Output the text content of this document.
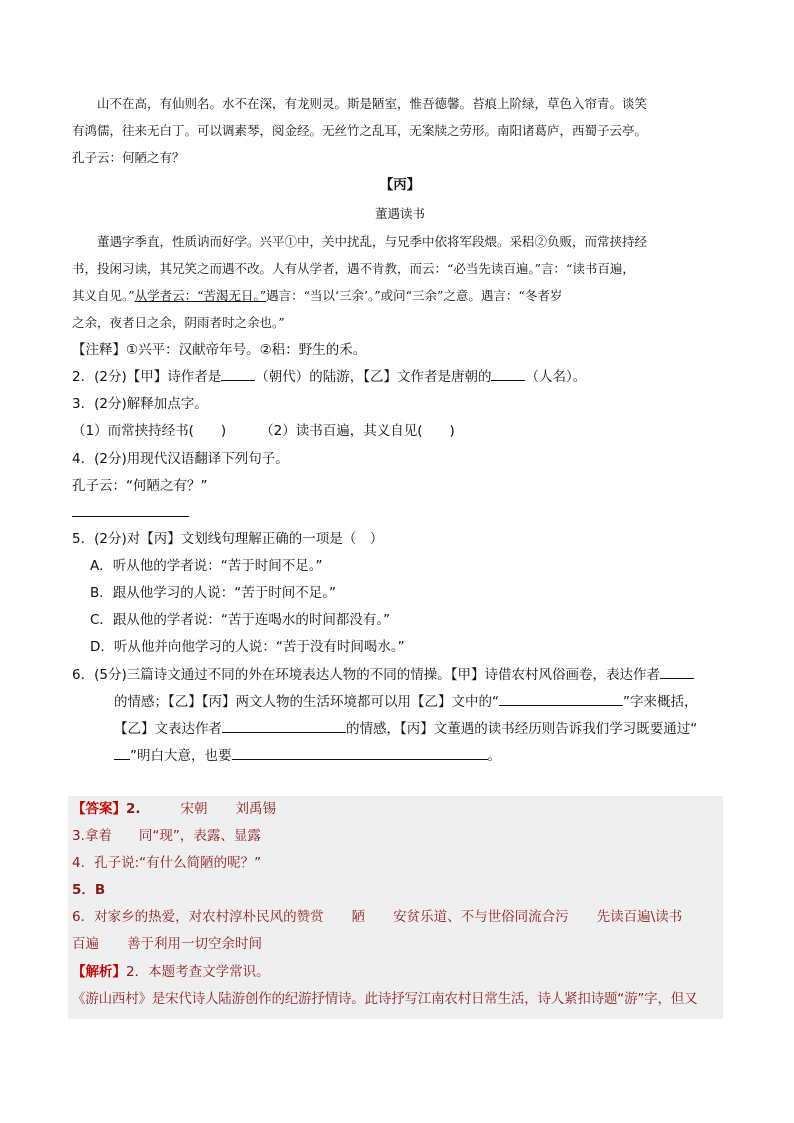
山不在高，有仙则名。水不在深，有龙则灵。斯是陋室，惟吾德馨。苔痕上阶绿，草色入帘青。谈笑

有鸿儒，往来无白丁。可以调素琴，阅金经。无丝竹之乱耳，无案牍之劳形。南阳诸葛庐，西蜀子云亭。

孔子云：何陋之有？

【丙】

董遇读书

董遇字季直，性质讷而好学。兴平①中，关中扰乱，与兄季中依将军段煨。采稆②负贩，而常挟持经

书，投闲习读，其兄笑之而遇不改。人有从学者，遇不肯教，而云：“必当先读百遍。”言：“读书百遍，

其义自见。”从学者云：“苦渴无日。”遇言：“当以‘三余’。”或问“三余”之意。遇言：“冬者岁

之余，夜者日之余，阴雨者时之余也。”

【注释】①兴平：汉献帝年号。②稆：野生的禾。

2．(2分)【甲】诗作者是	（朝代）的陆游，【乙】文作者是唐朝的	（人名）。

3．(2分)解释加点字。

（1）而常挟持经书(　　)	（2）读书百遍，其义自见(　　)

4．(2分)用现代汉语翻译下列句子。

孔子云：“何陋之有？”

5．(2分)对【丙】文划线句理解正确的一项是（　）

A．听从他的学者说：“苦于时间不足。”

B．跟从他学习的人说：“苦于时间不足。”

C．跟从他的学者说：“苦于连喝水的时间都没有。”

D．听从他并向他学习的人说：“苦于没有时间喝水。”

6．(5分)三篇诗文通过不同的外在环境表达人物的不同的情操。【甲】诗借农村风俗画卷，表达作者

的情感；【乙】【丙】两文人物的生活环境都可以用【乙】文中的“	”字来概括，

【乙】文表达作者	的情感，【丙】文董遇的读书经历则告诉我们学习既要通过“

”明白大意，也要	。

【答案】2.	宋朝 刘禹锡

3.拿着　　同“现”，表露、显露

4．孔子说:“有什么简陋的呢？”

5．B

6．对家乡的热爱，对农村淳朴民风的赞赏 陋 安贫乐道、不与世俗同流合污 先读百遍\读书

百遍 善于利用一切空余时间

【解析】2．本题考查文学常识。

《游山西村》是宋代诗人陆游创作的纪游抒情诗。此诗抒写江南农村日常生活，诗人紧扣诗题“游”字，但又
